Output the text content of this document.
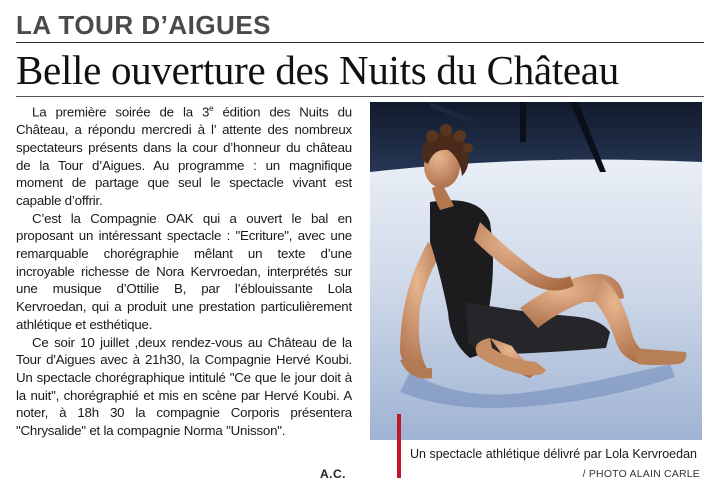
LA TOUR D’AIGUES
Belle ouverture des Nuits du Château

La première soirée de la 3e édition des Nuits du Château, a répondu mercredi à l’ attente des nombreux spectateurs présents dans la cour d’honneur du château de la Tour d’Aigues. Au programme : un magnifique moment de partage que seul le spectacle vivant est capable d’offrir.

C’est la Compagnie OAK qui a ouvert le bal en proposant un intéressant spectacle : "Ecriture", avec une remarquable chorégraphie mêlant un texte d’une incroyable richesse de Nora Kervroedan, interprétés sur une musique d’Ottilie B, par l’éblouissante Lola Kervroedan, qui a produit une prestation particulièrement athlétique et esthétique.

Ce soir 10 juillet ,deux rendez-vous au Château de la Tour d'Aigues avec à 21h30, la Compagnie Hervé Koubi. Un spectacle chorégraphique intitulé "Ce que le jour doit à la nuit", chorégraphié et mis en scène par Hervé Koubi. A noter, à 18h 30 la compagnie Corporis présentera "Chrysalide" et la compagnie Norma "Unisson".

A.C.
Un spectacle athlétique délivré par Lola Kervroedan
/ PHOTO ALAIN CARLE
